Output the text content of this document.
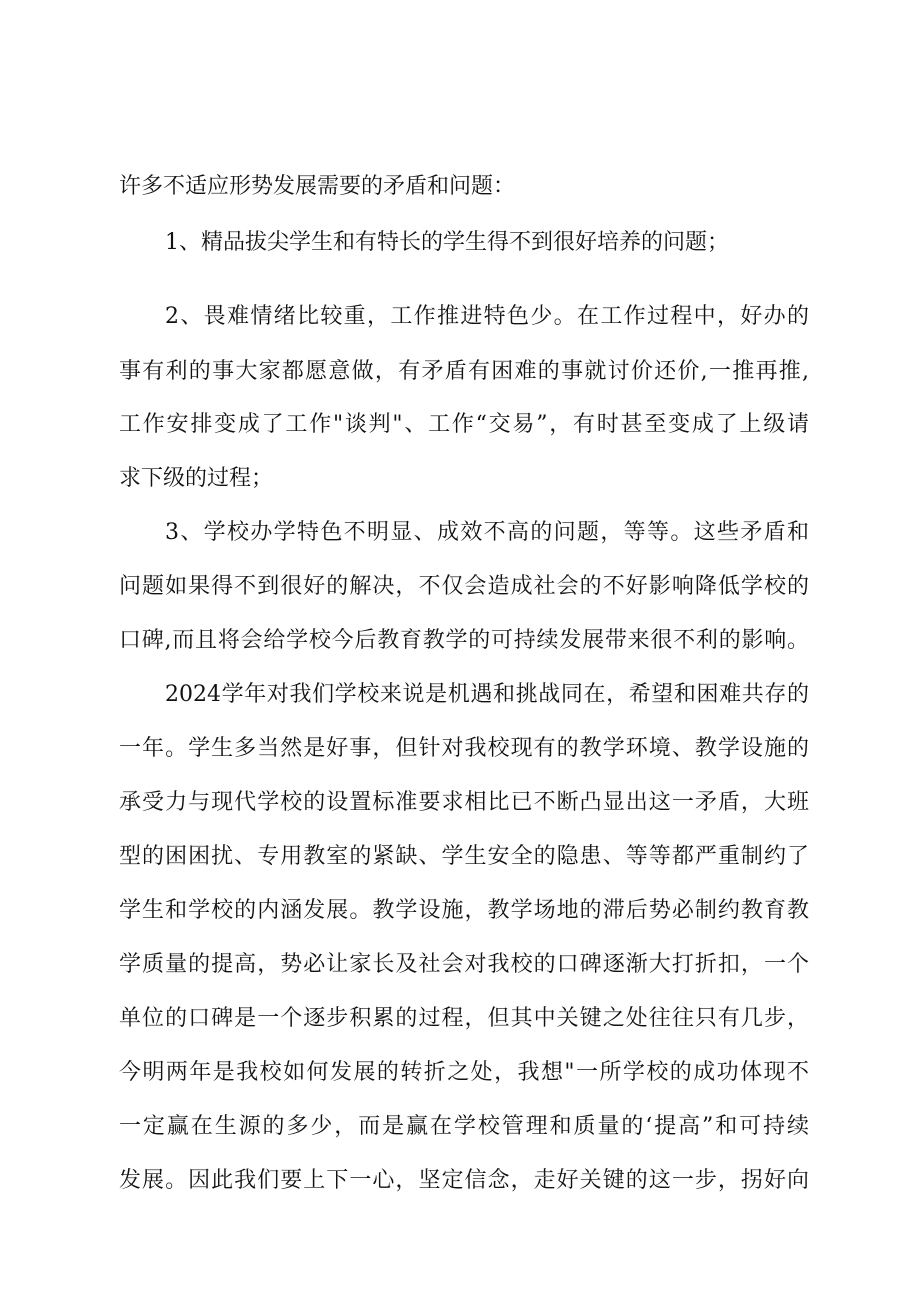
许多不适应形势发展需要的矛盾和问题：
1、精品拔尖学生和有特长的学生得不到很好培养的问题；
2、畏难情绪比较重，工作推进特色少。在工作过程中，好办的
事有利的事大家都愿意做，有矛盾有困难的事就讨价还价,一推再推,
工作安排变成了工作"谈判"、工作“交易”，有时甚至变成了上级请
求下级的过程；
3、学校办学特色不明显、成效不高的问题，等等。这些矛盾和
问题如果得不到很好的解决，不仅会造成社会的不好影响降低学校的
口碑,而且将会给学校今后教育教学的可持续发展带来很不利的影响。
2024学年对我们学校来说是机遇和挑战同在，希望和困难共存的
一年。学生多当然是好事，但针对我校现有的教学环境、教学设施的
承受力与现代学校的设置标准要求相比已不断凸显出这一矛盾，大班
型的困困扰、专用教室的紧缺、学生安全的隐患、等等都严重制约了
学生和学校的内涵发展。教学设施，教学场地的滞后势必制约教育教
学质量的提高，势必让家长及社会对我校的口碑逐渐大打折扣，一个
单位的口碑是一个逐步积累的过程，但其中关键之处往往只有几步，
今明两年是我校如何发展的转折之处，我想"一所学校的成功体现不
一定赢在生源的多少，而是赢在学校管理和质量的‘提高”和可持续
发展。因此我们要上下一心，坚定信念，走好关键的这一步，拐好向
